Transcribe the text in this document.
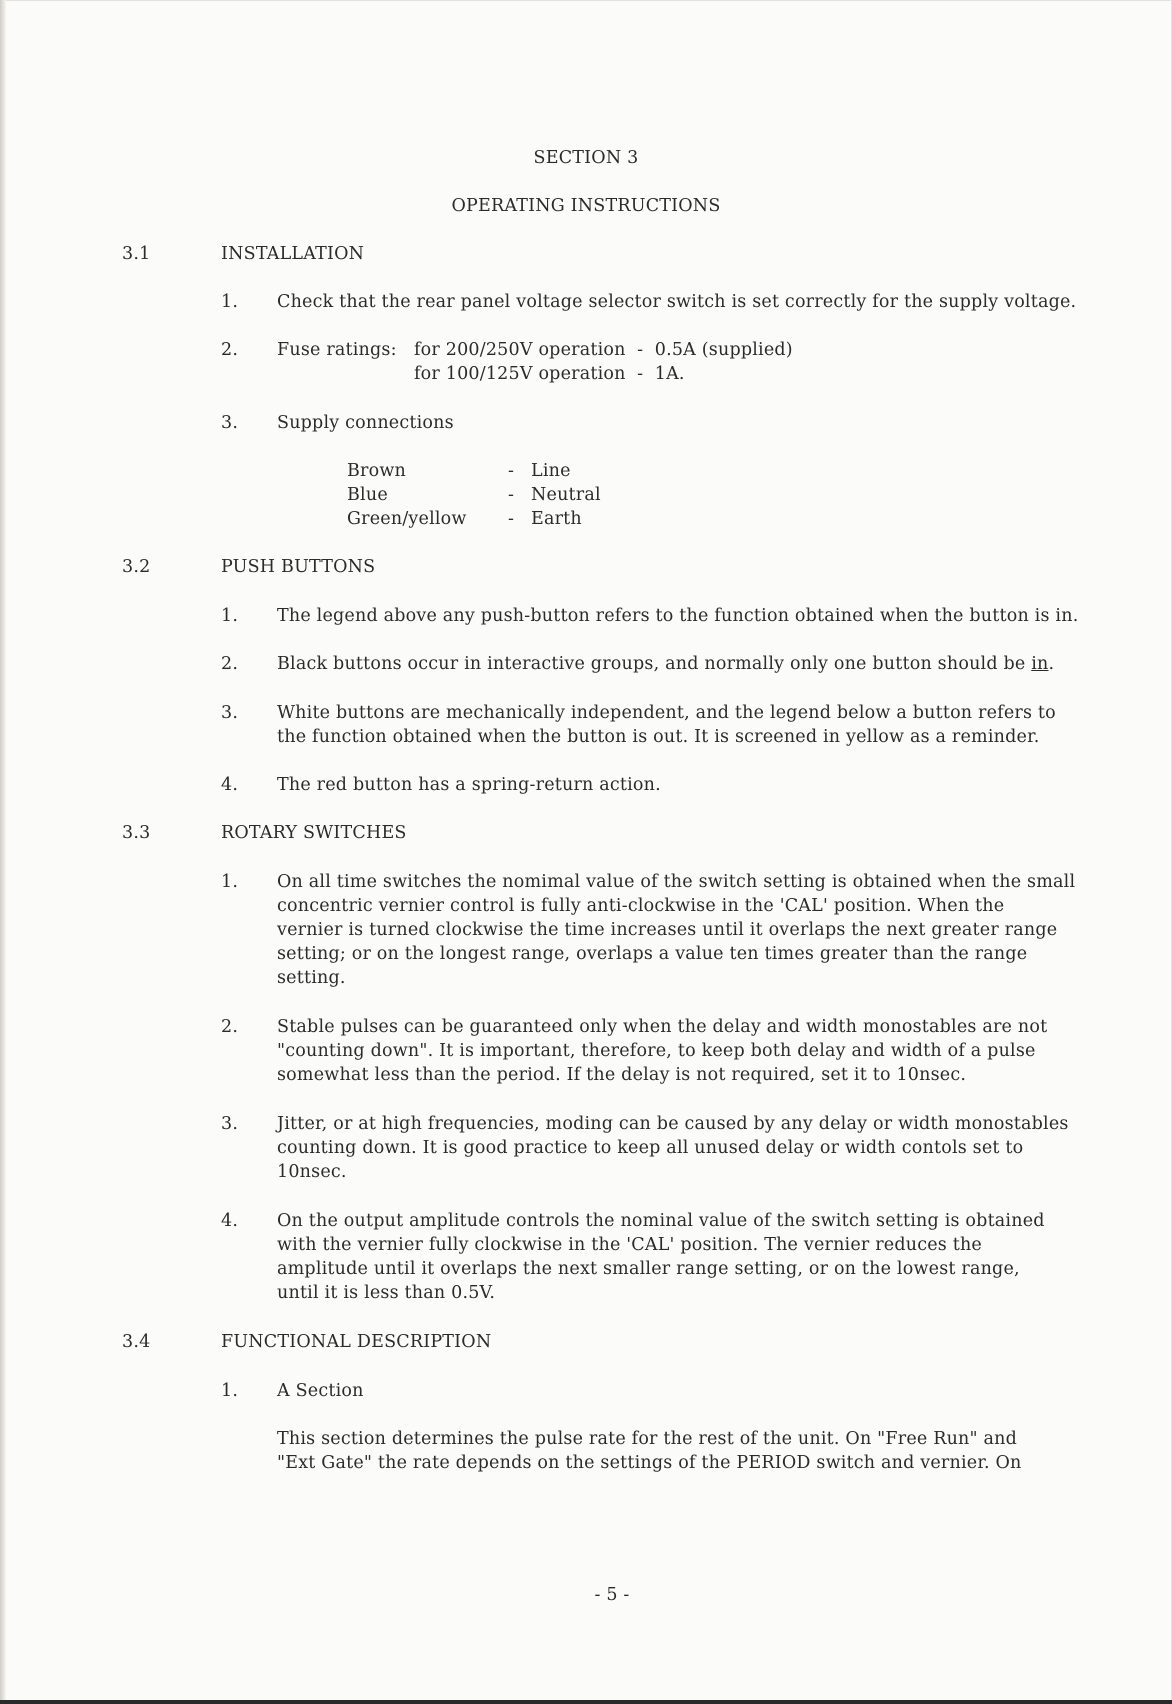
SECTION 3
OPERATING INSTRUCTIONS
3.1	INSTALLATION
1. Check that the rear panel voltage selector switch is set correctly for the supply voltage.
2. Fuse ratings: for 200/250V operation  -  0.5A (supplied)
for 100/125V operation  -  1A.
3. Supply connections
Brown	- Line
Blue	- Neutral
Green/yellow - Earth
3.2	PUSH BUTTONS
1. The legend above any push-button refers to the function obtained when the button is in.
2. Black buttons occur in interactive groups, and normally only one button should be in.
3. White buttons are mechanically independent, and the legend below a button refers to
the function obtained when the button is out. It is screened in yellow as a reminder.
4. The red button has a spring-return action.
3.3	ROTARY SWITCHES
1. On all time switches the nomimal value of the switch setting is obtained when the small
concentric vernier control is fully anti-clockwise in the 'CAL' position. When the
vernier is turned clockwise the time increases until it overlaps the next greater range
setting; or on the longest range, overlaps a value ten times greater than the range
setting.
2. Stable pulses can be guaranteed only when the delay and width monostables are not
"counting down". It is important, therefore, to keep both delay and width of a pulse
somewhat less than the period. If the delay is not required, set it to 10nsec.
3. Jitter, or at high frequencies, moding can be caused by any delay or width monostables
counting down. It is good practice to keep all unused delay or width contols set to
10nsec.
4. On the output amplitude controls the nominal value of the switch setting is obtained
with the vernier fully clockwise in the 'CAL' position. The vernier reduces the
amplitude until it overlaps the next smaller range setting, or on the lowest range,
until it is less than 0.5V.
3.4	FUNCTIONAL DESCRIPTION
1. A Section
This section determines the pulse rate for the rest of the unit. On "Free Run" and
"Ext Gate" the rate depends on the settings of the PERIOD switch and vernier. On
- 5 -
